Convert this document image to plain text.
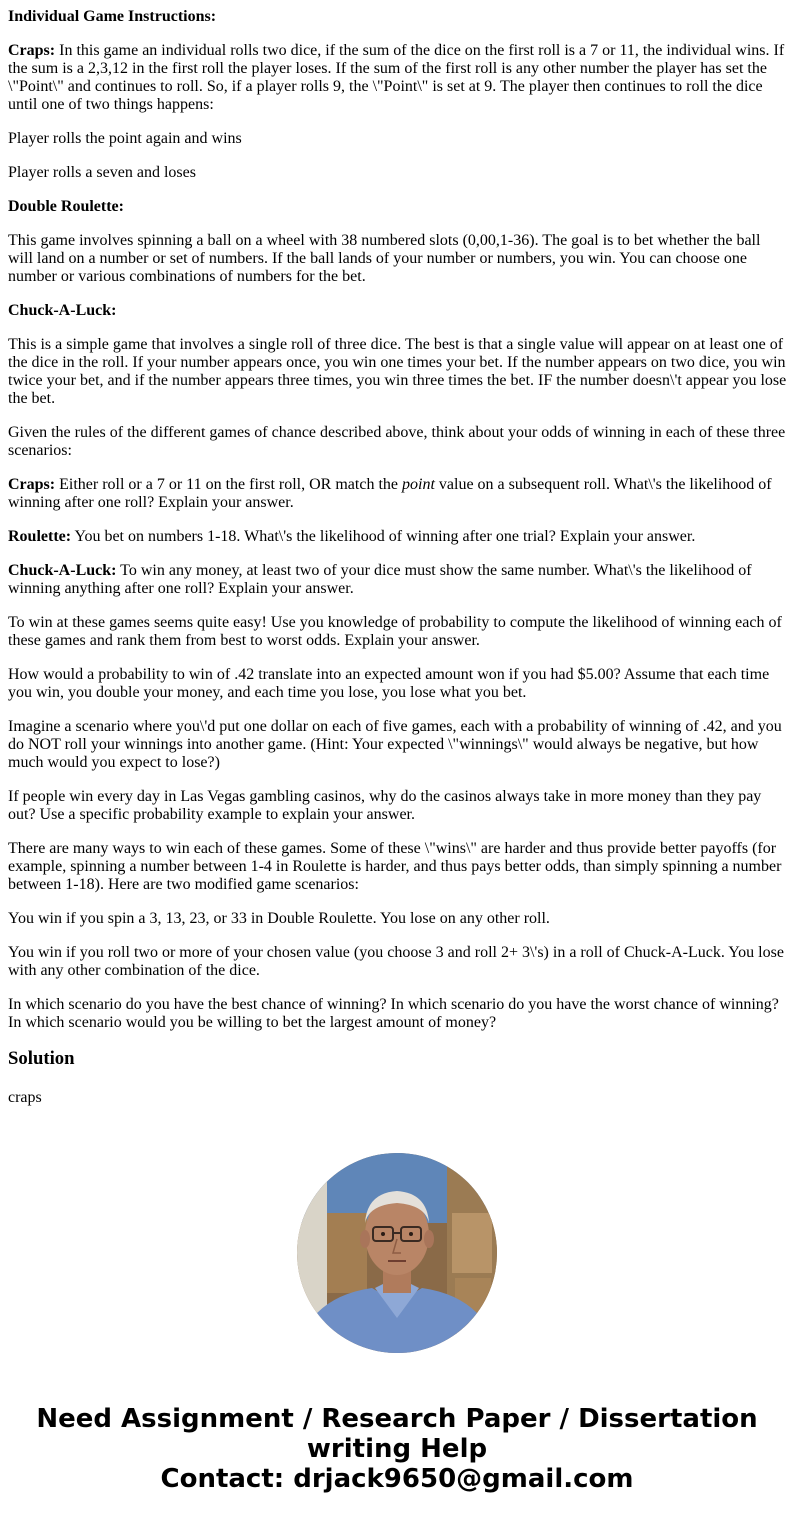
Individual Game Instructions:

Craps: In this game an individual rolls two dice, if the sum of the dice on the first roll is a 7 or 11, the individual wins. If the sum is a 2,3,12 in the first roll the player loses. If the sum of the first roll is any other number the player has set the \"Point\" and continues to roll. So, if a player rolls 9, the \"Point\" is set at 9. The player then continues to roll the dice until one of two things happens:

Player rolls the point again and wins

Player rolls a seven and loses

Double Roulette:

This game involves spinning a ball on a wheel with 38 numbered slots (0,00,1-36). The goal is to bet whether the ball will land on a number or set of numbers. If the ball lands of your number or numbers, you win. You can choose one number or various combinations of numbers for the bet.

Chuck-A-Luck:

This is a simple game that involves a single roll of three dice. The best is that a single value will appear on at least one of the dice in the roll. If your number appears once, you win one times your bet. If the number appears on two dice, you win twice your bet, and if the number appears three times, you win three times the bet. IF the number doesn\'t appear you lose the bet.

Given the rules of the different games of chance described above, think about your odds of winning in each of these three scenarios:

Craps: Either roll or a 7 or 11 on the first roll, OR match the point value on a subsequent roll. What\'s the likelihood of winning after one roll? Explain your answer.

Roulette: You bet on numbers 1-18. What\'s the likelihood of winning after one trial? Explain your answer.

Chuck-A-Luck: To win any money, at least two of your dice must show the same number. What\'s the likelihood of winning anything after one roll? Explain your answer.

To win at these games seems quite easy! Use you knowledge of probability to compute the likelihood of winning each of these games and rank them from best to worst odds. Explain your answer.

How would a probability to win of .42 translate into an expected amount won if you had $5.00? Assume that each time you win, you double your money, and each time you lose, you lose what you bet.

Imagine a scenario where you\'d put one dollar on each of five games, each with a probability of winning of .42, and you do NOT roll your winnings into another game. (Hint: Your expected \"winnings\" would always be negative, but how much would you expect to lose?)

If people win every day in Las Vegas gambling casinos, why do the casinos always take in more money than they pay out? Use a specific probability example to explain your answer.

There are many ways to win each of these games. Some of these \"wins\" are harder and thus provide better payoffs (for example, spinning a number between 1-4 in Roulette is harder, and thus pays better odds, than simply spinning a number between 1-18). Here are two modified game scenarios:

You win if you spin a 3, 13, 23, or 33 in Double Roulette. You lose on any other roll.

You win if you roll two or more of your chosen value (you choose 3 and roll 2+ 3\'s) in a roll of Chuck-A-Luck. You lose with any other combination of the dice.

In which scenario do you have the best chance of winning? In which scenario do you have the worst chance of winning? In which scenario would you be willing to bet the largest amount of money?

Solution

craps

Need Assignment / Research Paper / Dissertation
writing Help
Contact: drjack9650@gmail.com
